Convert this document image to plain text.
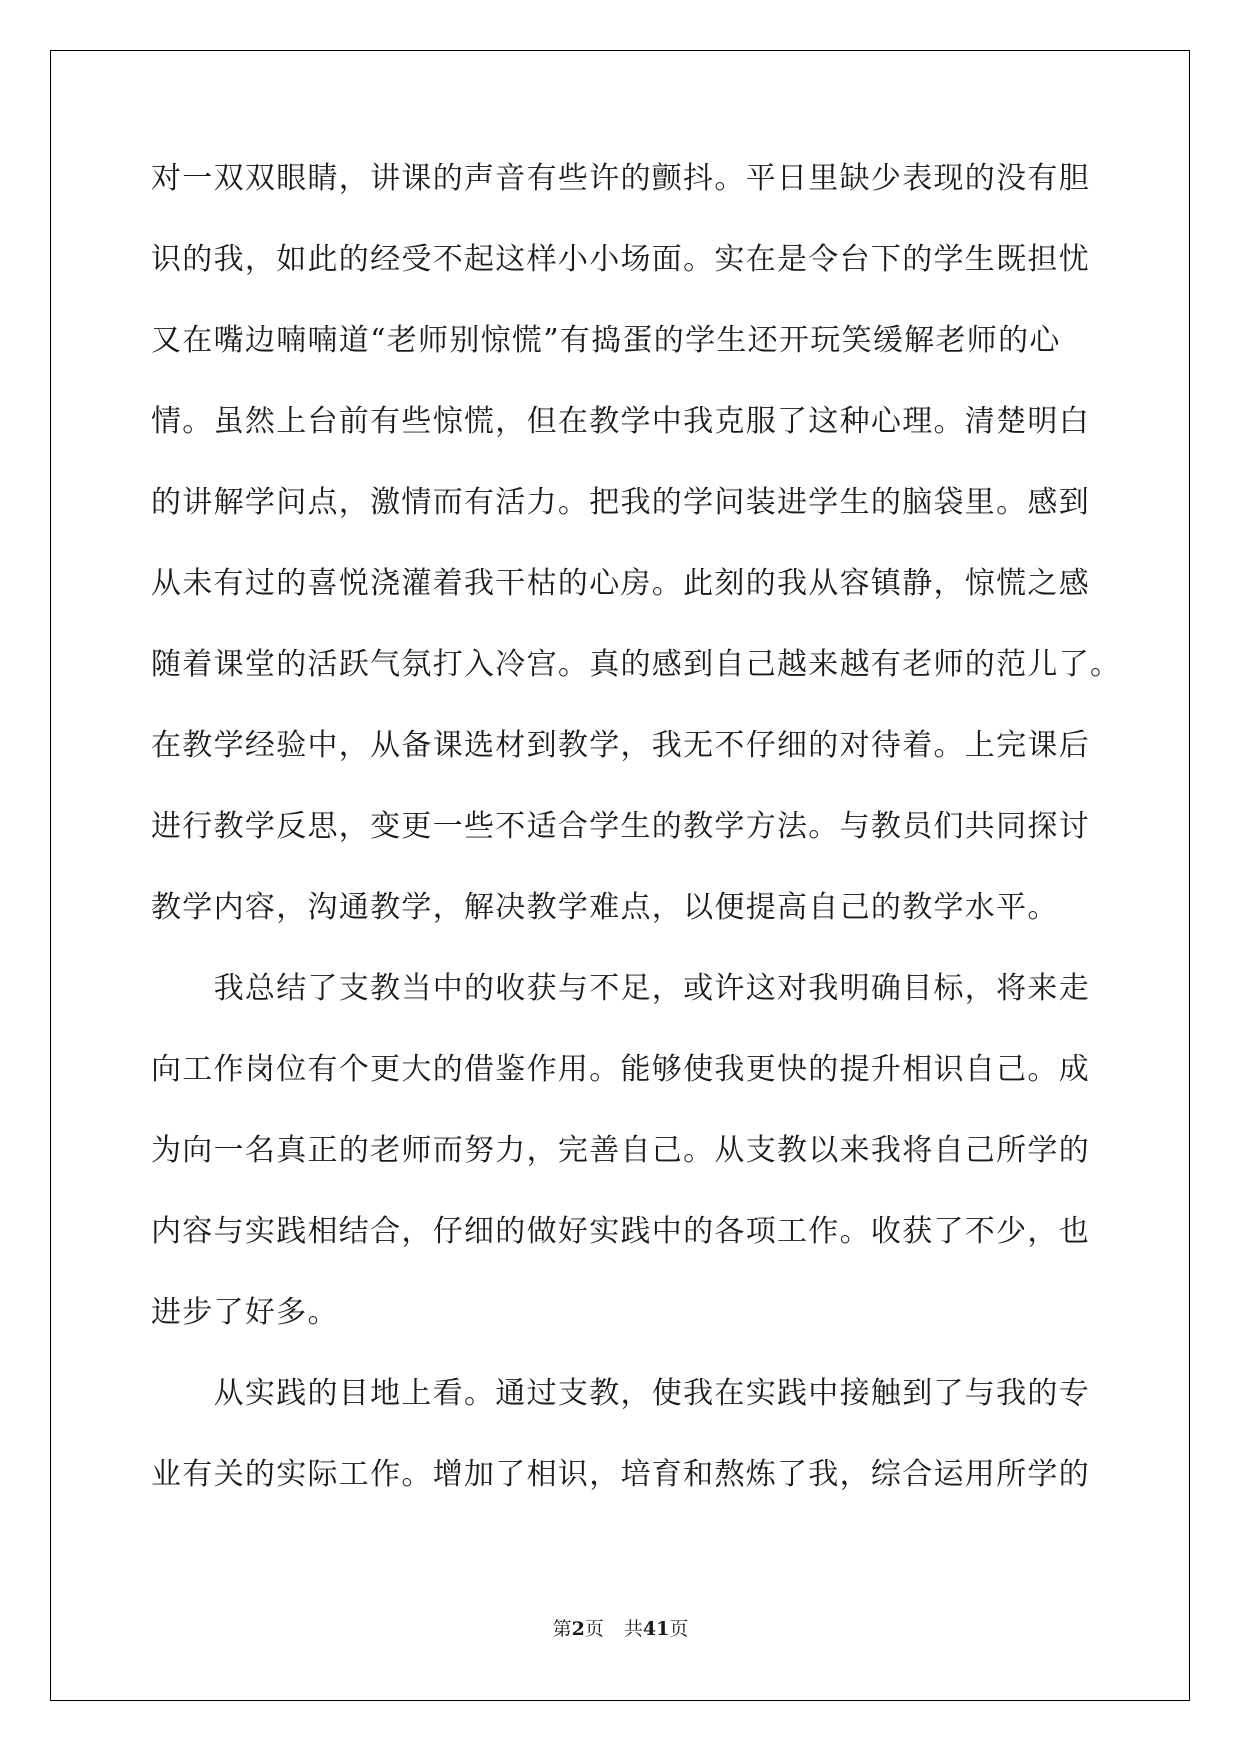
对一双双眼睛，讲课的声音有些许的颤抖。平日里缺少表现的没有胆
识的我，如此的经受不起这样小小场面。实在是令台下的学生既担忧
又在嘴边喃喃道“老师别惊慌”有捣蛋的学生还开玩笑缓解老师的心
情。虽然上台前有些惊慌，但在教学中我克服了这种心理。清楚明白
的讲解学问点，激情而有活力。把我的学问装进学生的脑袋里。感到
从未有过的喜悦浇灌着我干枯的心房。此刻的我从容镇静，惊慌之感
随着课堂的活跃气氛打入冷宫。真的感到自己越来越有老师的范儿了。
在教学经验中，从备课选材到教学，我无不仔细的对待着。上完课后
进行教学反思，变更一些不适合学生的教学方法。与教员们共同探讨
教学内容，沟通教学，解决教学难点，以便提高自己的教学水平。
　　我总结了支教当中的收获与不足，或许这对我明确目标，将来走
向工作岗位有个更大的借鉴作用。能够使我更快的提升相识自己。成
为向一名真正的老师而努力，完善自己。从支教以来我将自己所学的
内容与实践相结合，仔细的做好实践中的各项工作。收获了不少，也
进步了好多。
　　从实践的目地上看。通过支教，使我在实践中接触到了与我的专
业有关的实际工作。增加了相识，培育和熬炼了我，综合运用所学的
第2页 共41页
